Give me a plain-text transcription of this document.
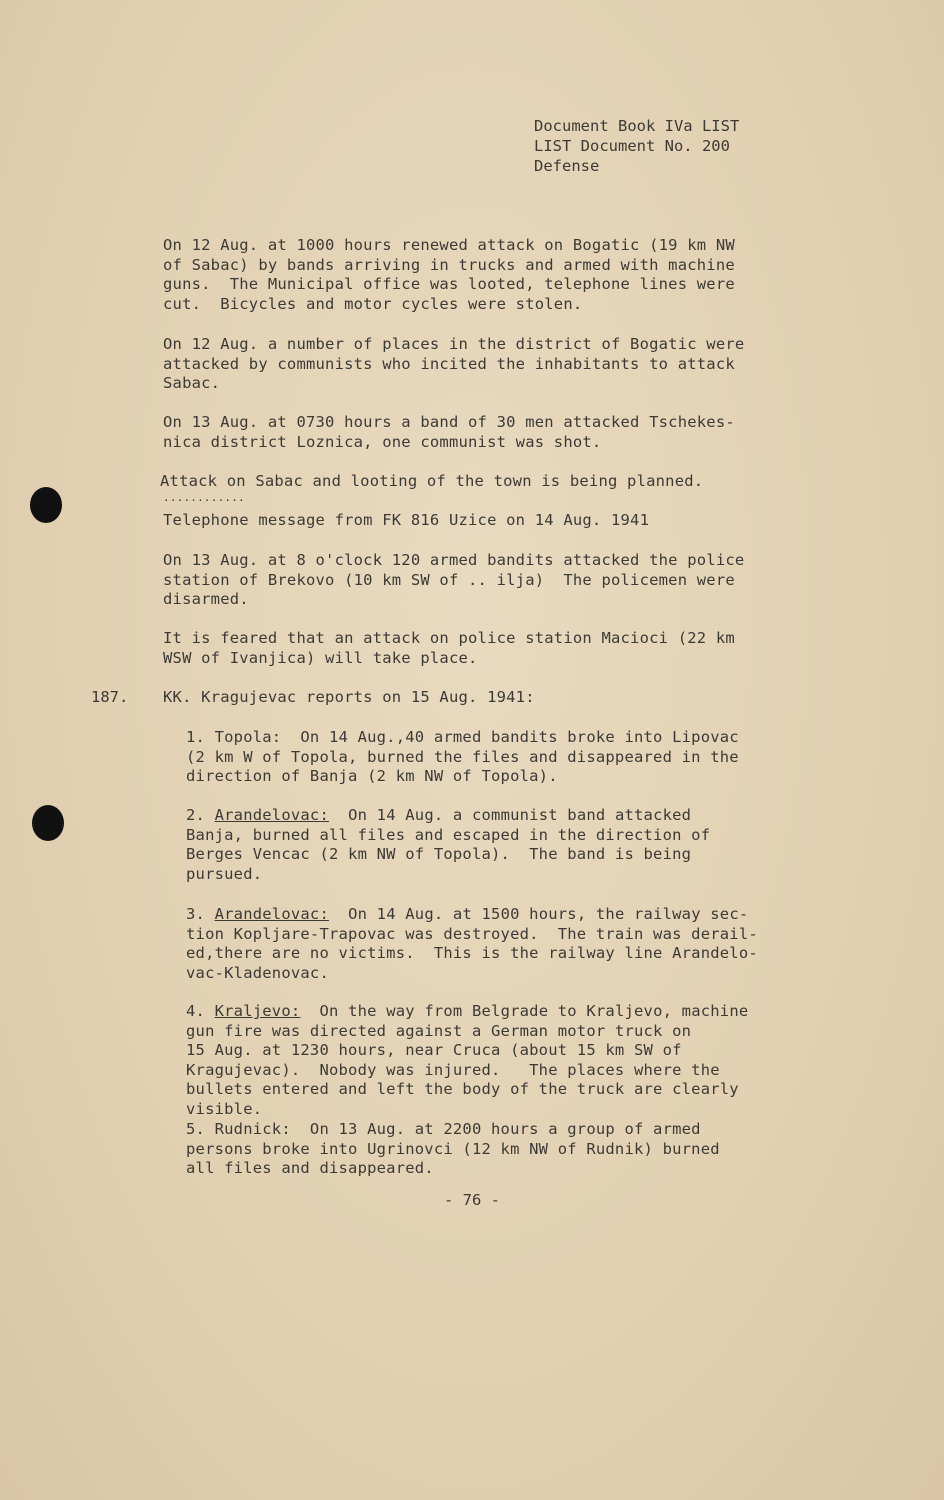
Document Book IVa LIST
LIST Document No. 200
Defense
On 12 Aug. at 1000 hours renewed attack on Bogatic (19 km NW
of Sabac) by bands arriving in trucks and armed with machine
guns.  The Municipal office was looted, telephone lines were
cut.  Bicycles and motor cycles were stolen.
On 12 Aug. a number of places in the district of Bogatic were
attacked by communists who incited the inhabitants to attack
Sabac.
On 13 Aug. at 0730 hours a band of 30 men attacked Tschekes-
nica district Loznica, one communist was shot.
Attack on Sabac and looting of the town is being planned.
............
Telephone message from FK 816 Uzice on 14 Aug. 1941
On 13 Aug. at 8 o'clock 120 armed bandits attacked the police
station of Brekovo (10 km SW of .. ilja)  The policemen were
disarmed.
It is feared that an attack on police station Macioci (22 km
WSW of Ivanjica) will take place.
187. KK. Kragujevac reports on 15 Aug. 1941:
1. Topola:  On 14 Aug.,40 armed bandits broke into Lipovac
(2 km W of Topola, burned the files and disappeared in the
direction of Banja (2 km NW of Topola).
2. Arandelovac:  On 14 Aug. a communist band attacked
Banja, burned all files and escaped in the direction of
Berges Vencac (2 km NW of Topola).  The band is being
pursued.
3. Arandelovac:  On 14 Aug. at 1500 hours, the railway sec-
tion Kopljare-Trapovac was destroyed.  The train was derail-
ed,there are no victims.  This is the railway line Arandelo-
vac-Kladenovac.
4. Kraljevo:  On the way from Belgrade to Kraljevo, machine
gun fire was directed against a German motor truck on
15 Aug. at 1230 hours, near Cruca (about 15 km SW of
Kragujevac).  Nobody was injured.   The places where the
bullets entered and left the body of the truck are clearly
visible.
5. Rudnick:  On 13 Aug. at 2200 hours a group of armed
persons broke into Ugrinovci (12 km NW of Rudnik) burned
all files and disappeared.
- 76 -
